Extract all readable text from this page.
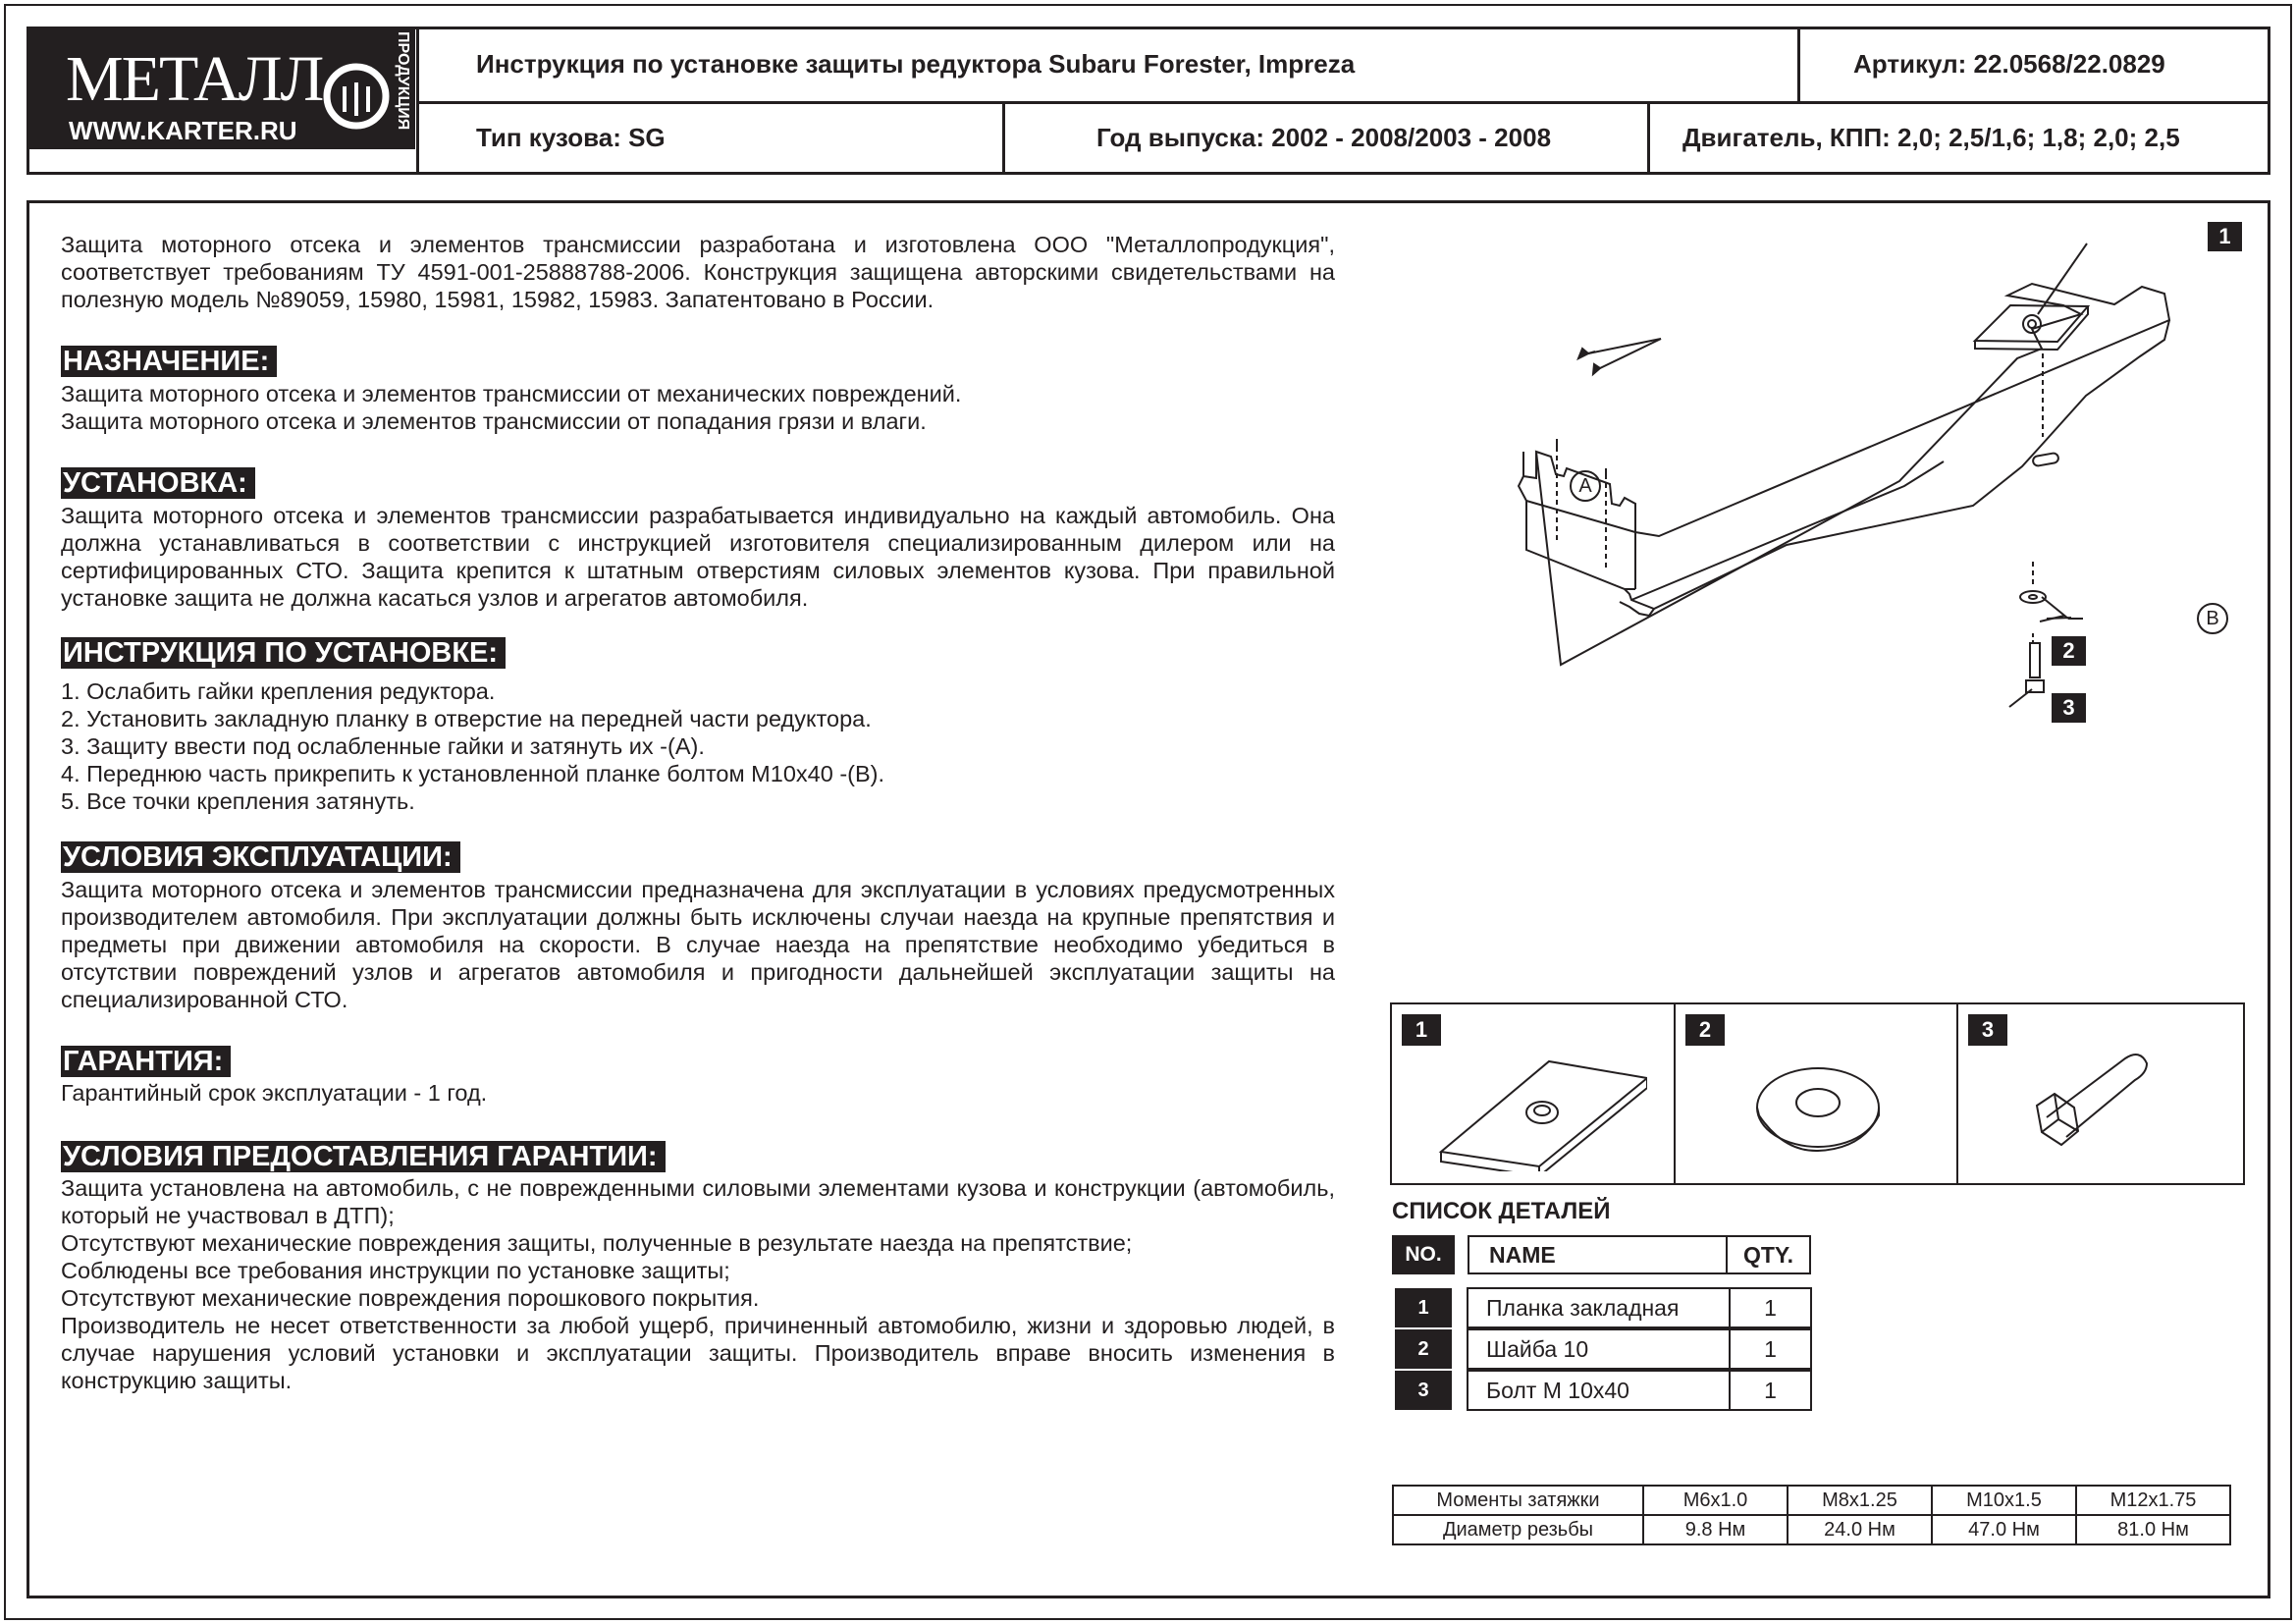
МЕТАЛЛ	ПРОДУКЦИЯ
WWW.KARTER.RU
Инструкция по установке защиты редуктора Subaru Forester, Impreza	Артикул: 22.0568/22.0829
Тип кузова: SG	Год выпуска: 2002 - 2008/2003 - 2008	Двигатель, КПП: 2,0; 2,5/1,6; 1,8; 2,0; 2,5
Защита моторного отсека и элементов трансмиссии разработана и изготовлена ООО "Металлопродукция", соответствует требованиям ТУ 4591-001-25888788-2006. Конструкция защищена авторскими свидетельствами на полезную модель №89059, 15980, 15981, 15982, 15983. Запатентовано в России.
НАЗНАЧЕНИЕ:
Защита моторного отсека и элементов трансмиссии от механических повреждений.
Защита моторного отсека и элементов трансмиссии от попадания грязи и влаги.
УСТАНОВКА:
Защита моторного отсека и элементов трансмиссии разрабатывается индивидуально на каждый автомобиль. Она должна устанавливаться в соответствии с инструкцией изготовителя специализированным дилером или на сертифицированных СТО. Защита крепится к штатным отверстиям силовых элементов кузова. При правильной установке защита не должна касаться узлов и агрегатов автомобиля.
ИНСТРУКЦИЯ ПО УСТАНОВКЕ:
1. Ослабить гайки крепления редуктора.
2. Установить закладную планку в отверстие на передней части редуктора.
3. Защиту ввести под ослабленные гайки и затянуть их -(А).
4. Переднюю часть прикрепить к установленной планке болтом М10х40 -(В).
5. Все точки крепления затянуть.
УСЛОВИЯ ЭКСПЛУАТАЦИИ:
Защита моторного отсека и элементов трансмиссии предназначена для эксплуатации в условиях предусмотренных производителем автомобиля. При эксплуатации должны быть исключены случаи наезда на крупные препятствия и предметы при движении автомобиля на скорости. В случае наезда на препятствие необходимо убедиться в отсутствии повреждений узлов и агрегатов автомобиля и пригодности дальнейшей эксплуатации защиты на специализированной СТО.
ГАРАНТИЯ:
Гарантийный срок эксплуатации - 1 год.
УСЛОВИЯ ПРЕДОСТАВЛЕНИЯ ГАРАНТИИ:
Защита установлена на автомобиль, с не поврежденными силовыми элементами кузова и конструкции (автомобиль, который не участвовал в ДТП);
Отсутствуют механические повреждения защиты, полученные в результате наезда на препятствие;
Соблюдены все требования инструкции по установке защиты;
Отсутствуют механические повреждения порошкового покрытия.
Производитель не несет ответственности за любой ущерб, причиненный автомобилю, жизни и здоровью людей, в случае нарушения условий установки и эксплуатации защиты. Производитель вправе вносить изменения в конструкцию защиты.
1
2
3
A
B
1	2	3
СПИСОК ДЕТАЛЕЙ
NO. NAME	QTY.
1	Планка закладная	1
2	Шайба 10	1
3	Болт М 10х40	1
Моменты затяжки	M6x1.0	M8x1.25	M10x1.5	M12x1.75
Диаметр резьбы	9.8 Нм	24.0 Нм	47.0 Нм	81.0 Нм
